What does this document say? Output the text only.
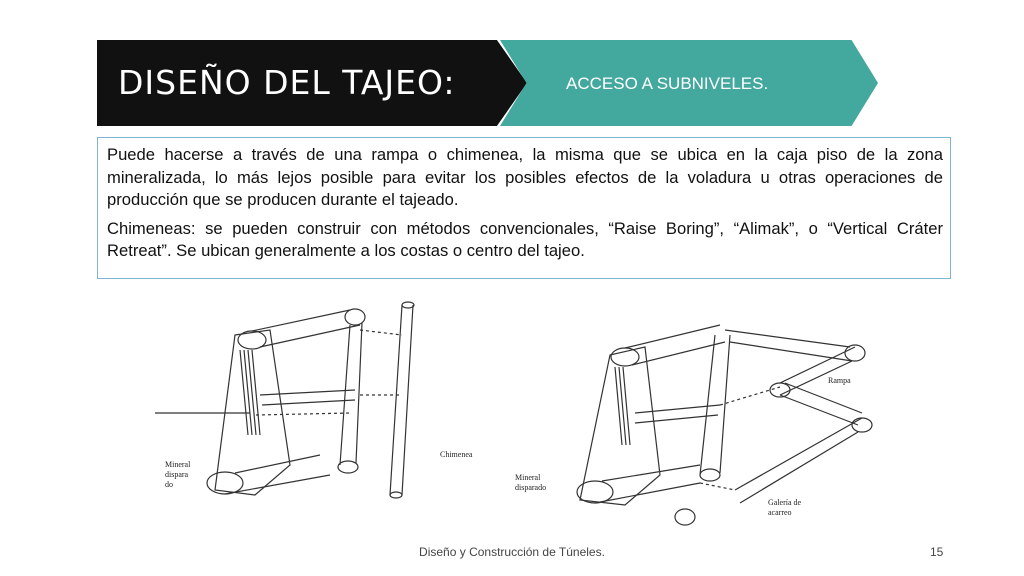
DISEÑO DEL TAJEO:	ACCESO A SUBNIVELES.

Puede hacerse a través de una rampa o chimenea, la misma que se ubica en la caja piso de la zona mineralizada, lo más lejos posible para evitar los posibles efectos de la voladura u otras operaciones de producción que se producen durante el tajeado.

Chimeneas: se pueden construir con métodos convencionales, “Raise Boring”, “Alimak”, o “Vertical Cráter Retreat”. Se ubican generalmente a los costas o centro del tajeo.

Mineral
dispara
do
Chimenea
Mineral
disparado
Rampa
Galería de
acarreo
Diseño y Construcción de Túneles.	15
